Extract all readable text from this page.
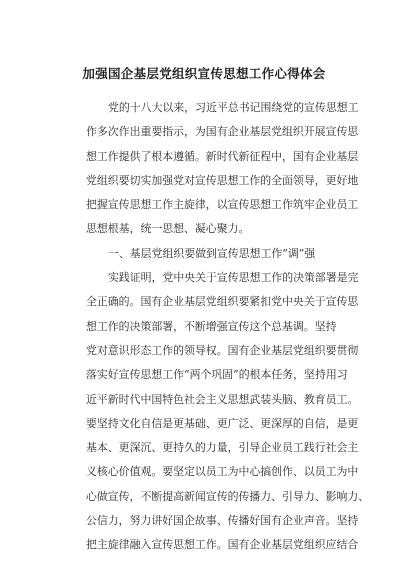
加强国企基层党组织宣传思想工作心得体会
党的十八大以来，习近平总书记围绕党的宣传思想工
作多次作出重要指示，为国有企业基层党组织开展宣传思
想工作提供了根本遵循。新时代新征程中，国有企业基层
党组织要切实加强党对宣传思想工作的全面领导，更好地
把握宣传思想工作主旋律，以宣传思想工作筑牢企业员工
思想根基，统一思想、凝心聚力。
一、基层党组织要做到宣传思想工作“调”强
实践证明，党中央关于宣传思想工作的决策部署是完
全正确的。国有企业基层党组织要紧扣党中央关于宣传思
想工作的决策部署，不断增强宣传这个总基调。坚持
党对意识形态工作的领导权。国有企业基层党组织要贯彻
落实好宣传思想工作“两个巩固”的根本任务，坚持用习
近平新时代中国特色社会主义思想武装头脑、教育员工。
要坚持文化自信是更基础、更广泛、更深厚的自信，是更
基本、更深沉、更持久的力量，引导企业员工践行社会主
义核心价值观。要坚定以员工为中心搞创作、以员工为中
心做宣传，不断提高新闻宣传的传播力、引导力、影响力、
公信力，努力讲好国企故事、传播好国有企业声音。坚持
把主旋律融入宣传思想工作。国有企业基层党组织应结合
